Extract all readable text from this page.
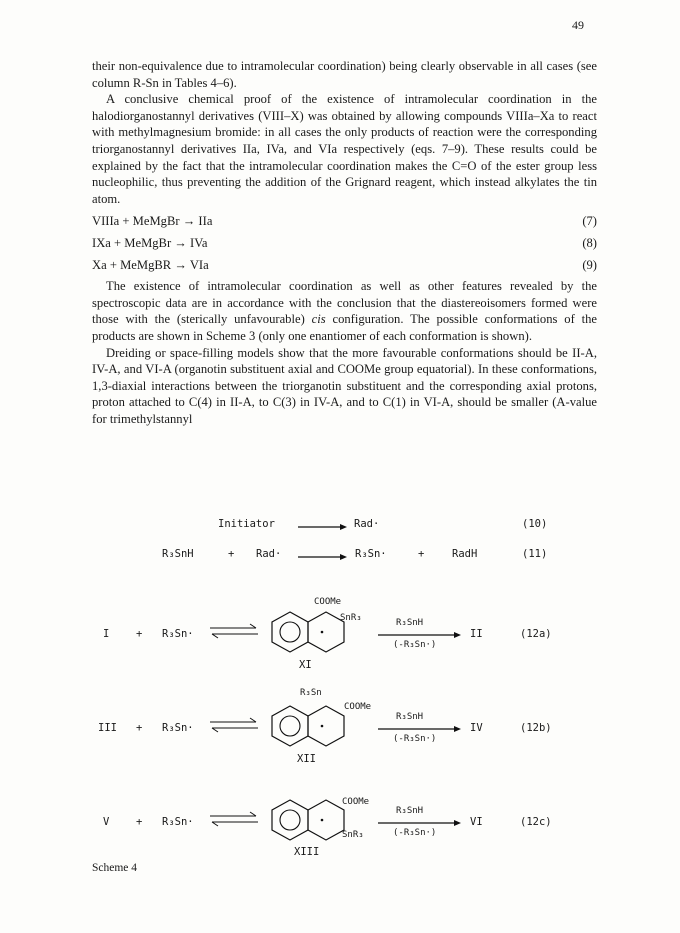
49

their non-equivalence due to intramolecular coordination) being clearly observable in all cases (see column R-Sn in Tables 4–6).

A conclusive chemical proof of the existence of intramolecular coordination in the halodiorganostannyl derivatives (VIII–X) was obtained by allowing compounds VIIIa–Xa to react with methylmagnesium bromide: in all cases the only products of reaction were the corresponding triorganostannyl derivatives IIa, IVa, and VIa respectively (eqs. 7–9). These results could be explained by the fact that the intramolecular coordination makes the C=O of the ester group less nucleophilic, thus preventing the addition of the Grignard reagent, which instead alkylates the tin atom.

VIIIa + MeMgBr → IIa	(7)
IXa + MeMgBr → IVa	(8)
Xa + MeMgBR → VIa	(9)

The existence of intramolecular coordination as well as other features revealed by the spectroscopic data are in accordance with the conclusion that the diastereoisomers formed were those with the (sterically unfavourable) cis configuration. The possible conformations of the products are shown in Scheme 3 (only one enantiomer of each conformation is shown).

Dreiding or space-filling models show that the more favourable conformations should be II-A, IV-A, and VI-A (organotin substituent axial and COOMe group equatorial). In these conformations, 1,3-diaxial interactions between the triorganotin substituent and the corresponding axial protons, proton attached to C(4) in II-A, to C(3) in IV-A, and to C(1) in VI-A, should be smaller (A-value for trimethylstannyl

Initiator	Rad·	(10)
R₃SnH	+ Rad·	R₃Sn·	+	RadH	(11)
I	+ R₃Sn·
COOMe
SnR₃
XI
R₃SnH
(-R₃Sn·)
II	(12a)
III + R₃Sn·
R₃Sn
COOMe
XII
R₃SnH
(-R₃Sn·)
IV	(12b)
V	+ R₃Sn·
COOMe
SnR₃
XIII
R₃SnH
(-R₃Sn·)
VI	(12c)
Scheme 4
